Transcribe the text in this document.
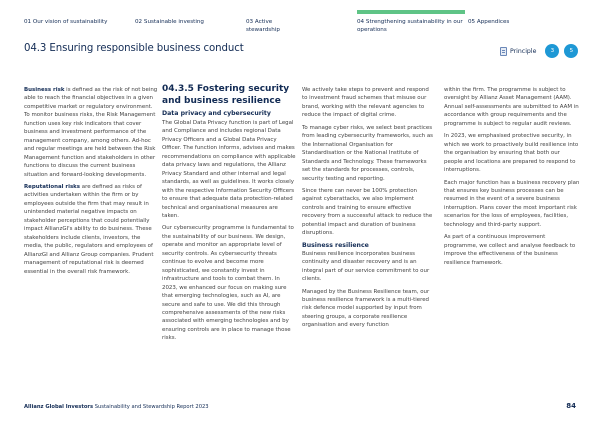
01 Our vision of sustainability	02 Sustainable investing	03 Active stewardship
04 Strengthening sustainability in our operations
05 Appendices
04.3 Ensuring responsible business conduct	Principle	3	5

Business risk is defined as the risk of not being able to reach the financial objectives in a given competitive market or regulatory environment. To monitor business risks, the Risk Management function uses key risk indicators that cover business and investment performance of the management company, among others. Ad-hoc and regular meetings are held between the Risk Management function and stakeholders in other functions to discuss the current business situation and forward-looking developments.

Reputational risks are defined as risks of activities undertaken within the firm or by employees outside the firm that may result in unintended material negative impacts on stakeholder perceptions that could potentially impact AllianzGI's ability to do business. These stakeholders include clients, investors, the media, the public, regulators and employees of AllianzGI and Allianz Group companies. Prudent management of reputational risk is deemed essential in the overall risk framework.

04.3.5 Fostering security and business resilience
Data privacy and cybersecurity

The Global Data Privacy function is part of Legal and Compliance and includes regional Data Privacy Officers and a Global Data Privacy Officer. The function informs, advises and makes recommendations on compliance with applicable data privacy laws and regulations, the Allianz Privacy Standard and other internal and legal standards, as well as guidelines. It works closely with the respective Information Security Officers to ensure that adequate data protection-related technical and organisational measures are taken.

Our cybersecurity programme is fundamental to the sustainability of our business. We design, operate and monitor an appropriate level of security controls. As cybersecurity threats continue to evolve and become more sophisticated, we constantly invest in infrastructure and tools to combat them. In 2023, we enhanced our focus on making sure that emerging technologies, such as AI, are secure and safe to use. We did this through comprehensive assessments of the new risks associated with emerging technologies and by ensuring controls are in place to manage those risks.

We actively take steps to prevent and respond to investment fraud schemes that misuse our brand, working with the relevant agencies to reduce the impact of digital crime.

To manage cyber risks, we select best practices from leading cybersecurity frameworks, such as the International Organisation for Standardisation or the National Institute of Standards and Technology. These frameworks set the standards for processes, controls, security testing and reporting.

Since there can never be 100% protection against cyberattacks, we also implement controls and training to ensure effective recovery from a successful attack to reduce the potential impact and duration of business disruptions.

Business resilience

Business resilience incorporates business continuity and disaster recovery and is an integral part of our service commitment to our clients.

Managed by the Business Resilience team, our business resilience framework is a multi-tiered risk defence model supported by input from steering groups, a corporate resilience organisation and every function

within the firm. The programme is subject to oversight by Allianz Asset Management (AAM). Annual self-assessments are submitted to AAM in accordance with group requirements and the programme is subject to regular audit reviews.

In 2023, we emphasised protective security, in which we work to proactively build resilience into the organisation by ensuring that both our people and locations are prepared to respond to interruptions.

Each major function has a business recovery plan that ensures key business processes can be resumed in the event of a severe business interruption. Plans cover the most important risk scenarios for the loss of employees, facilities, technology and third-party support.

As part of a continuous improvement programme, we collect and analyse feedback to improve the effectiveness of the business resilience framework.

Allianz Global Investors Sustainability and Stewardship Report 2023	84
